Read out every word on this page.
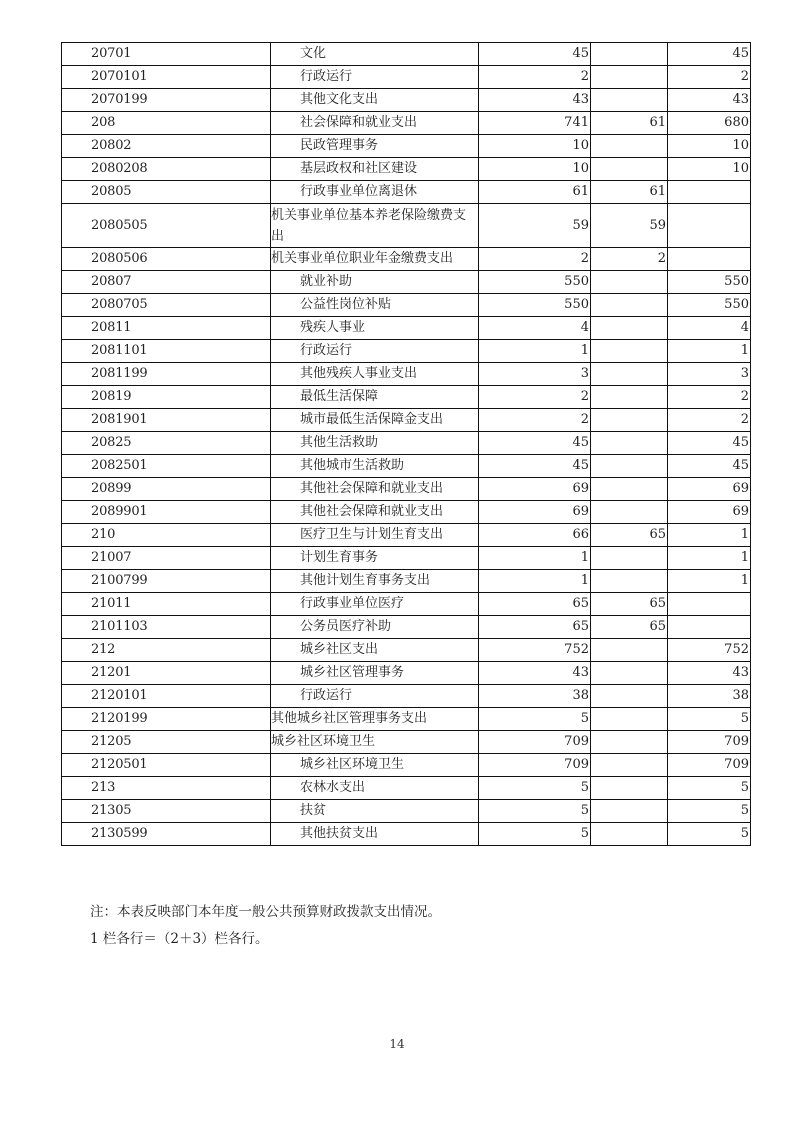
20701	文化	45		45
2070101	行政运行	2		2
2070199	其他文化支出	43		43
208	社会保障和就业支出	741	61	680
20802	民政管理事务	10		10
2080208	基层政权和社区建设	10		10
20805	行政事业单位离退休	61	61	
2080505	机关事业单位基本养老保险缴费支出	59	59	
2080506	机关事业单位职业年金缴费支出	2	2	
20807	就业补助	550		550
2080705	公益性岗位补贴	550		550
20811	残疾人事业	4		4
2081101	行政运行	1		1
2081199	其他残疾人事业支出	3		3
20819	最低生活保障	2		2
2081901	城市最低生活保障金支出	2		2
20825	其他生活救助	45		45
2082501	其他城市生活救助	45		45
20899	其他社会保障和就业支出	69		69
2089901	其他社会保障和就业支出	69		69
210	医疗卫生与计划生育支出	66	65	1
21007	计划生育事务	1		1
2100799	其他计划生育事务支出	1		1
21011	行政事业单位医疗	65	65	
2101103	公务员医疗补助	65	65	
212	城乡社区支出	752		752
21201	城乡社区管理事务	43		43
2120101	行政运行	38		38
2120199	其他城乡社区管理事务支出	5		5
21205	城乡社区环境卫生	709		709
2120501	城乡社区环境卫生	709		709
213	农林水支出	5		5
21305	扶贫	5		5
2130599	其他扶贫支出	5		5
注：本表反映部门本年度一般公共预算财政拨款支出情况。
1 栏各行＝（2＋3）栏各行。
14
